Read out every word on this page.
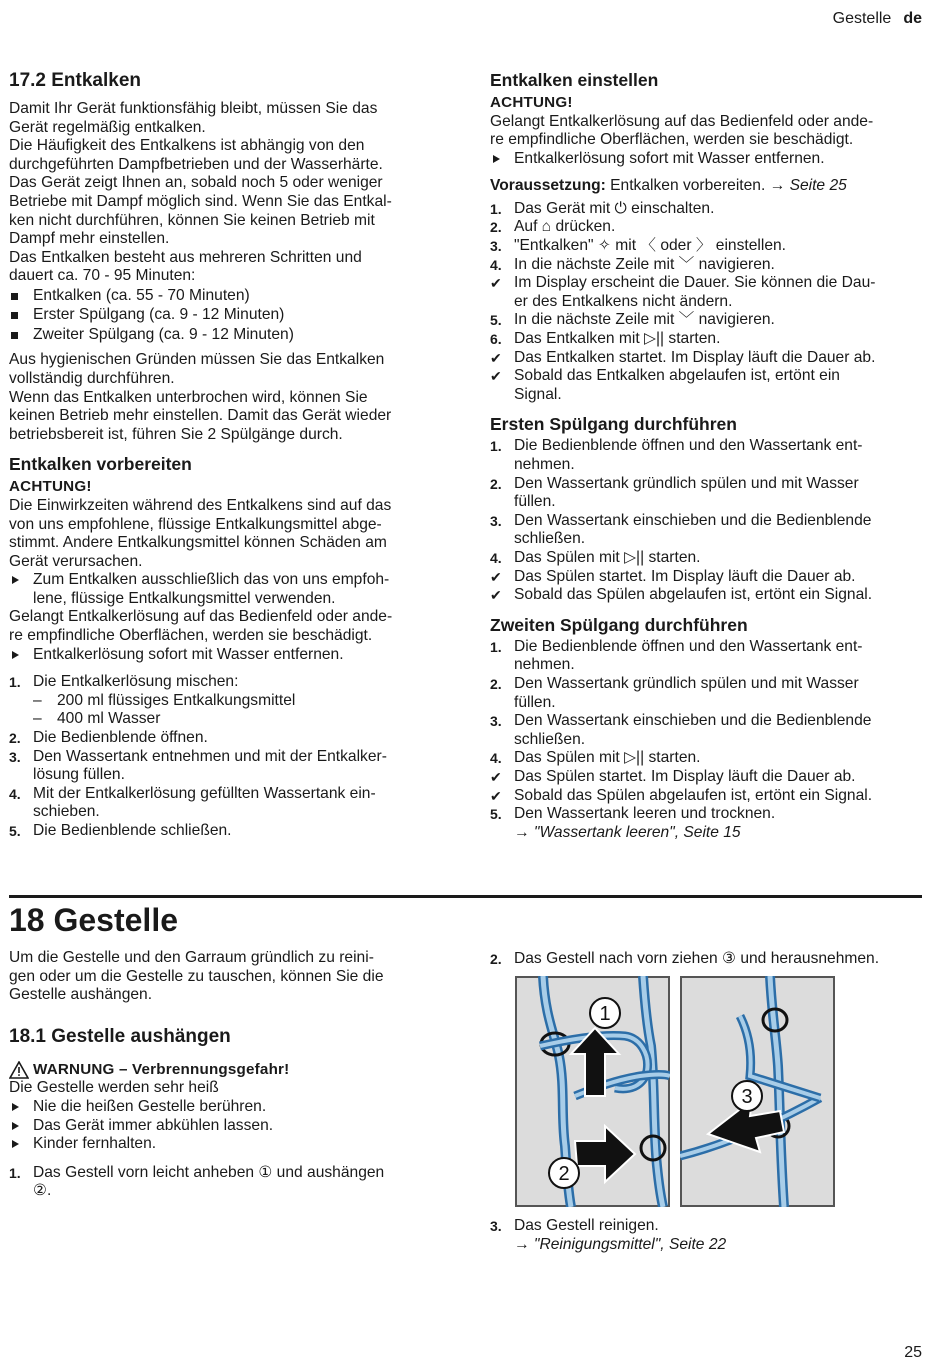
Gestelle de
17.2 Entkalken

Damit Ihr Gerät funktionsfähig bleibt, müssen Sie das

Gerät regelmäßig entkalken.

Die Häufigkeit des Entkalkens ist abhängig von den

durchgeführten Dampfbetrieben und der Wasserhärte.

Das Gerät zeigt Ihnen an, sobald noch 5 oder weniger

Betriebe mit Dampf möglich sind. Wenn Sie das Entkal-

ken nicht durchführen, können Sie keinen Betrieb mit

Dampf mehr einstellen.

Das Entkalken besteht aus mehreren Schritten und

dauert ca. 70 - 95 Minuten:

Entkalken (ca. 55 - 70 Minuten)
Erster Spülgang (ca. 9 - 12 Minuten)
Zweiter Spülgang (ca. 9 - 12 Minuten)

Aus hygienischen Gründen müssen Sie das Entkalken

vollständig durchführen.

Wenn das Entkalken unterbrochen wird, können Sie

keinen Betrieb mehr einstellen. Damit das Gerät wieder

betriebsbereit ist, führen Sie 2 Spülgänge durch.

Entkalken vorbereiten

ACHTUNG!

Die Einwirkzeiten während des Entkalkens sind auf das

von uns empfohlene, flüssige Entkalkungsmittel abge-

stimmt. Andere Entkalkungsmittel können Schäden am

Gerät verursachen.

Zum Entkalken ausschließlich das von uns empfoh-
lene, flüssige Entkalkungsmittel verwenden.

Gelangt Entkalkerlösung auf das Bedienfeld oder ande-

re empfindliche Oberflächen, werden sie beschädigt.

Entkalkerlösung sofort mit Wasser entfernen.
1. Die Entkalkerlösung mischen:
– 200 ml flüssiges Entkalkungsmittel
– 400 ml Wasser
2. Die Bedienblende öffnen.
3. Den Wassertank entnehmen und mit der Entkalker-
lösung füllen.
4. Mit der Entkalkerlösung gefüllten Wassertank ein-
schieben.
5. Die Bedienblende schließen.
Entkalken einstellen

ACHTUNG!

Gelangt Entkalkerlösung auf das Bedienfeld oder ande-

re empfindliche Oberflächen, werden sie beschädigt.

Entkalkerlösung sofort mit Wasser entfernen.

Voraussetzung: Entkalken vorbereiten. → Seite 25

1. Das Gerät mit ⏻ einschalten.
2. Auf ⌂ drücken.
3. "Entkalken" ✧ mit 〈 oder 〉 einstellen.
4. In die nächste Zeile mit ﹀ navigieren.
✔ Im Display erscheint die Dauer. Sie können die Dau-
er des Entkalkens nicht ändern.
5. In die nächste Zeile mit ﹀ navigieren.
6. Das Entkalken mit ▷|| starten.
✔ Das Entkalken startet. Im Display läuft die Dauer ab.
✔ Sobald das Entkalken abgelaufen ist, ertönt ein
Signal.
Ersten Spülgang durchführen
1. Die Bedienblende öffnen und den Wassertank ent-
nehmen.
2. Den Wassertank gründlich spülen und mit Wasser
füllen.
3. Den Wassertank einschieben und die Bedienblende
schließen.
4. Das Spülen mit ▷|| starten.
✔ Das Spülen startet. Im Display läuft die Dauer ab.
✔ Sobald das Spülen abgelaufen ist, ertönt ein Signal.
Zweiten Spülgang durchführen
1. Die Bedienblende öffnen und den Wassertank ent-
nehmen.
2. Den Wassertank gründlich spülen und mit Wasser
füllen.
3. Den Wassertank einschieben und die Bedienblende
schließen.
4. Das Spülen mit ▷|| starten.
✔ Das Spülen startet. Im Display läuft die Dauer ab.
✔ Sobald das Spülen abgelaufen ist, ertönt ein Signal.
5. Den Wassertank leeren und trocknen.
→ "Wassertank leeren", Seite 15
18 Gestelle

Um die Gestelle und den Garraum gründlich zu reini-

gen oder um die Gestelle zu tauschen, können Sie die

Gestelle aushängen.

18.1 Gestelle aushängen
WARNUNG – Verbrennungsgefahr!

Die Gestelle werden sehr heiß

Nie die heißen Gestelle berühren.
Das Gerät immer abkühlen lassen.
Kinder fernhalten.
1. Das Gestell vorn leicht anheben ① und aushängen
②.
2. Das Gestell nach vorn ziehen ③ und herausnehmen.
1
2
3
3. Das Gestell reinigen.
→ "Reinigungsmittel", Seite 22
25
